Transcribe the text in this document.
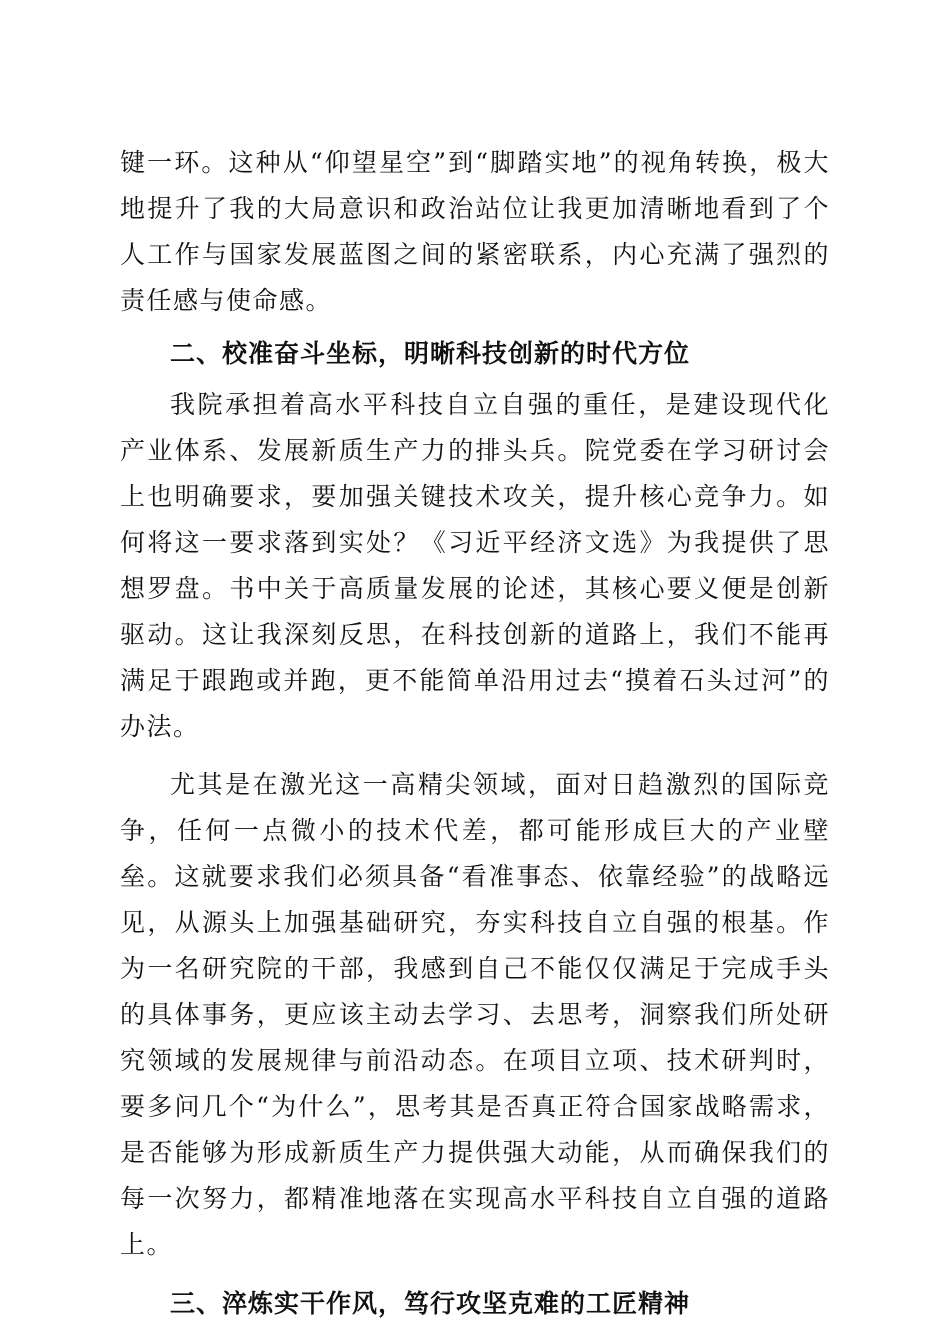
键一环。这种从“仰望星空”到“脚踏实地”的视角转换，极大地提升了我的大局意识和政治站位让我更加清晰地看到了个人工作与国家发展蓝图之间的紧密联系，内心充满了强烈的责任感与使命感。

二、校准奋斗坐标，明晰科技创新的时代方位

我院承担着高水平科技自立自强的重任，是建设现代化产业体系、发展新质生产力的排头兵。院党委在学习研讨会上也明确要求，要加强关键技术攻关，提升核心竞争力。如何将这一要求落到实处？《习近平经济文选》为我提供了思想罗盘。书中关于高质量发展的论述，其核心要义便是创新驱动。这让我深刻反思，在科技创新的道路上，我们不能再满足于跟跑或并跑，更不能简单沿用过去“摸着石头过河”的办法。

尤其是在激光这一高精尖领域，面对日趋激烈的国际竞争，任何一点微小的技术代差，都可能形成巨大的产业壁垒。这就要求我们必须具备“看准事态、依靠经验”的战略远见，从源头上加强基础研究，夯实科技自立自强的根基。作为一名研究院的干部，我感到自己不能仅仅满足于完成手头的具体事务，更应该主动去学习、去思考，洞察我们所处研究领域的发展规律与前沿动态。在项目立项、技术研判时，要多问几个“为什么”，思考其是否真正符合国家战略需求，是否能够为形成新质生产力提供强大动能，从而确保我们的每一次努力，都精准地落在实现高水平科技自立自强的道路上。

三、淬炼实干作风，笃行攻坚克难的工匠精神
